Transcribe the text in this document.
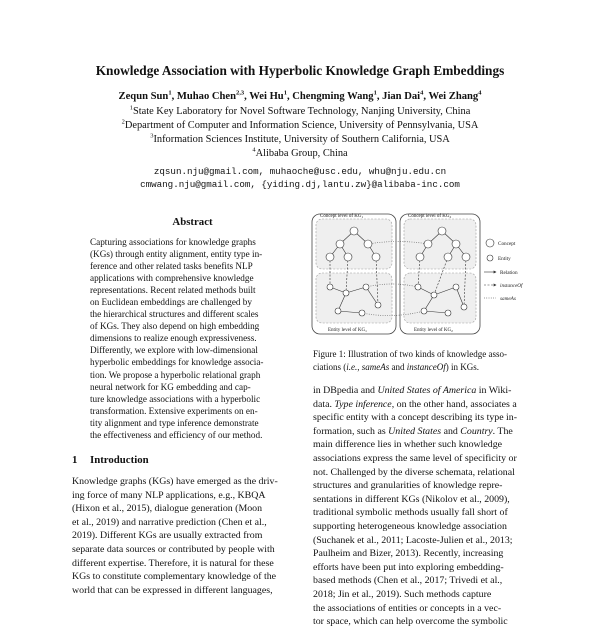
Knowledge Association with Hyperbolic Knowledge Graph Embeddings
Zequn Sun$^1$, Muhao Chen$^{2,3}$, Wei Hu$^1$, Chengming Wang$^1$, Jian Dai$^4$, Wei Zhang$^4$
$^1$State Key Laboratory for Novel Software Technology, Nanjing University, China
$^2$Department of Computer and Information Science, University of Pennsylvania, USA
$^3$Information Sciences Institute, University of Southern California, USA
$^4$Alibaba Group, China
zqsun.nju@gmail.com, muhaoche@usc.edu, whu@nju.edu.cn
cmwang.nju@gmail.com, {yiding.dj,lantu.zw}@alibaba-inc.com
Abstract
Capturing associations for knowledge graphs
(KGs) through entity alignment, entity type in-
ference and other related tasks benefits NLP
applications with comprehensive knowledge
representations. Recent related methods built
on Euclidean embeddings are challenged by
the hierarchical structures and different scales
of KGs. They also depend on high embedding
dimensions to realize enough expressiveness.
Differently, we explore with low-dimensional
hyperbolic embeddings for knowledge associa-
tion. We propose a hyperbolic relational graph
neural network for KG embedding and cap-
ture knowledge associations with a hyperbolic
transformation. Extensive experiments on en-
tity alignment and type inference demonstrate
the effectiveness and efficiency of our method.
1 Introduction
Knowledge graphs (KGs) have emerged as the driv-
ing force of many NLP applications, e.g., KBQA
(Hixon et al., 2015), dialogue generation (Moon
et al., 2019) and narrative prediction (Chen et al.,
2019). Different KGs are usually extracted from
separate data sources or contributed by people with
different expertise. Therefore, it is natural for these
KGs to constitute complementary knowledge of the
world that can be expressed in different languages,
Concept level of $KG_1$	Concept level of $KG_2$
Entity level of $KG_1$	Entity level of $KG_2$
Concept
Entity
Relation
instanceOf
sameAs
Figure 1: Illustration of two kinds of knowledge asso-
ciations (i.e., sameAs and instanceOf) in KGs.
in DBpedia and United States of America in Wiki-
data. Type inference, on the other hand, associates a
specific entity with a concept describing its type in-
formation, such as United States and Country. The
main difference lies in whether such knowledge
associations express the same level of specificity or
not. Challenged by the diverse schemata, relational
structures and granularities of knowledge repre-
sentations in different KGs (Nikolov et al., 2009),
traditional symbolic methods usually fall short of
supporting heterogeneous knowledge association
(Suchanek et al., 2011; Lacoste-Julien et al., 2013;
Paulheim and Bizer, 2013). Recently, increasing
efforts have been put into exploring embedding-
based methods (Chen et al., 2017; Trivedi et al.,
2018; Jin et al., 2019). Such methods capture
the associations of entities or concepts in a vec-
tor space, which can help overcome the symbolic
